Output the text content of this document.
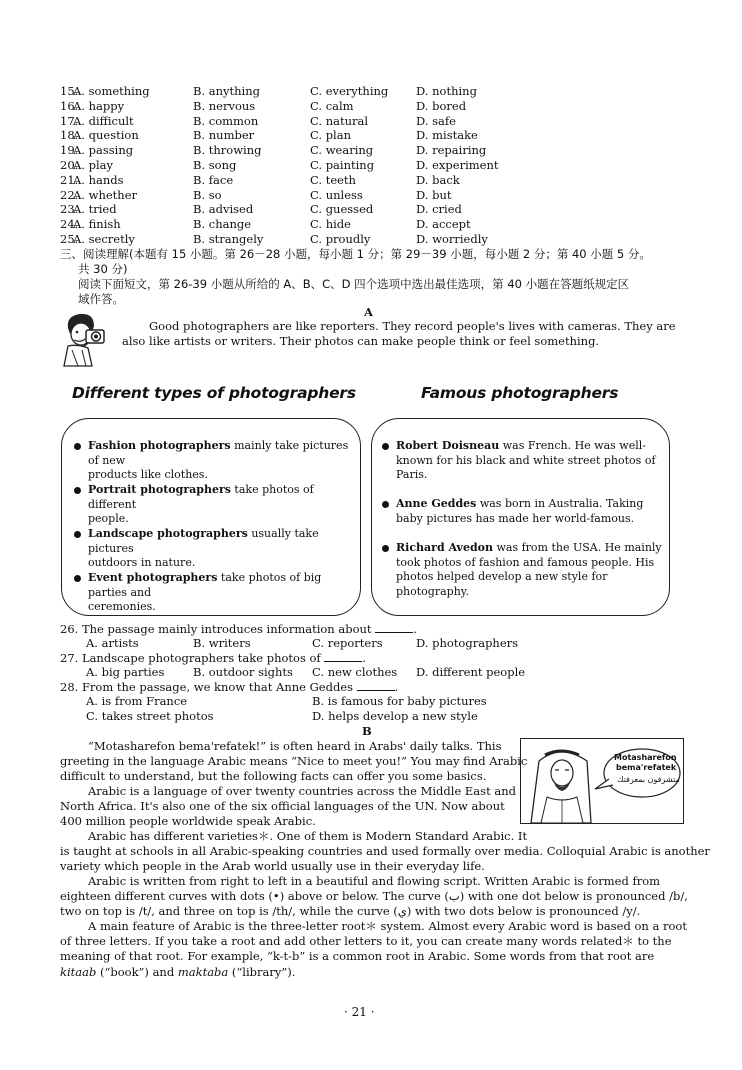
15.
A. something	B. anything	C. everything D. nothing
16.
A. happy	B. nervous	C. calm	D. bored
17.
A. difficult	B. common	C. natural	D. safe
18.
A. question	B. number	C. plan	D. mistake
19.
A. passing	B. throwing	C. wearing	D. repairing
20.
A. play	B. song	C. painting	D. experiment
21.
A. hands	B. face	C. teeth	D. back
22.
A. whether	B. so	C. unless	D. but
23.
A. tried	B. advised	C. guessed	D. cried
24.
A. finish	B. change	C. hide	D. accept
25.
A. secretly	B. strangely	C. proudly	D. worriedly
三、阅读理解(本题有 15 小题。第 26－28 小题，每小题 1 分；第 29－39 小题，每小题 2 分；第 40 小题 5 分。
共 30 分)
阅读下面短文，第 26-39 小题从所给的 A、B、C、D 四个选项中选出最佳选项，第 40 小题在答题纸规定区
域作答。
A
Good photographers are like reporters. They record people's lives with cameras. They are
also like artists or writers. Their photos can make people think or feel something.
Different types of photographers	Famous photographers
Fashion photographers mainly take pictures of new
products like clothes.
Portrait photographers take photos of different
people.
Landscape photographers usually take pictures
outdoors in nature.
Event photographers take photos of big parties and
ceremonies.
Robert Doisneau was French. He was well-
known for his black and white street photos of
Paris.
Anne Geddes was born in Australia. Taking
baby pictures has made her world-famous.
Richard Avedon was from the USA. He mainly
took photos of fashion and famous people. His
photos helped develop a new style for photography.
26. The passage mainly introduces information about	.
A. artists	B. writers	C. reporters	D. photographers
27. Landscape photographers take photos of	.
A. big parties B. outdoor sights C. new clothes D. different people
28. From the passage, we know that Anne Geddes	.
A. is from France	B. is famous for baby pictures
C. takes street photos	D. helps develop a new style
B
Motasharefon
bema'refatek
متشرفون بمعرفتك
“Motasharefon bema'refatek!” is often heard in Arabs' daily talks. This
greeting in the language Arabic means “Nice to meet you!” You may find Arabic
difficult to understand, but the following facts can offer you some basics.
Arabic is a language of over twenty countries across the Middle East and
North Africa. It's also one of the six official languages of the UN. Now about
400 million people worldwide speak Arabic.
Arabic has different varieties＊. One of them is Modern Standard Arabic. It
is taught at schools in all Arabic-speaking countries and used formally over media. Colloquial Arabic is another
variety which people in the Arab world usually use in their everyday life.
Arabic is written from right to left in a beautiful and flowing script. Written Arabic is formed from
eighteen different curves with dots (•) above or below. The curve (ب) with one dot below is pronounced /b/,
two on top is /t/, and three on top is /th/, while the curve (ي) with two dots below is pronounced /y/.
A main feature of Arabic is the three-letter root＊ system. Almost every Arabic word is based on a root
of three letters. If you take a root and add other letters to it, you can create many words related＊ to the
meaning of that root. For example, “k-t-b” is a common root in Arabic. Some words from that root are
kitaab (“book”) and maktaba (“library”).
· 21 ·
